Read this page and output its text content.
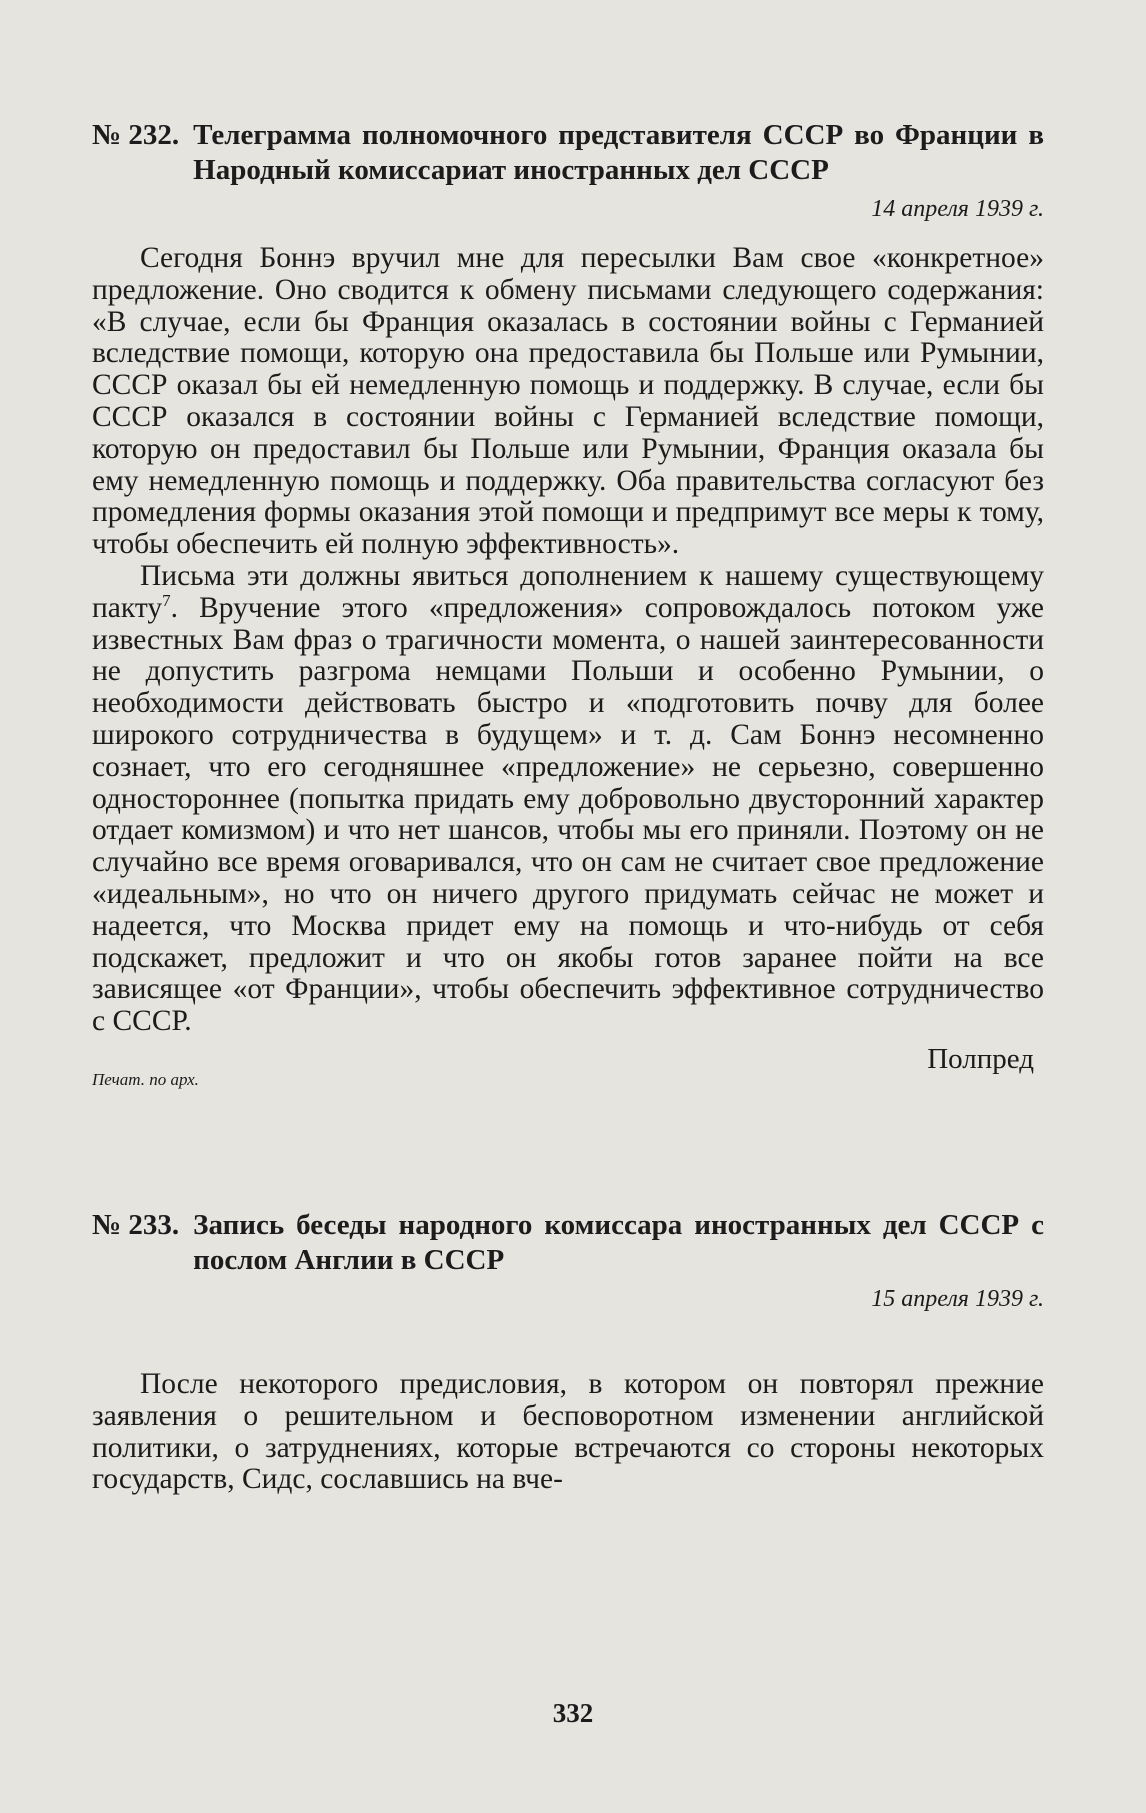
№ 232. Телеграмма полномочного представителя СССР во Франции в Народный комиссариат иностранных дел СССР
14 апреля 1939 г.

Сегодня Боннэ вручил мне для пересылки Вам свое «конкретное» предложение. Оно сводится к обмену письмами следующего содержания: «В случае, если бы Франция оказалась в состоянии войны с Германией вследствие помощи, которую она предоставила бы Польше или Румынии, СССР оказал бы ей немедленную помощь и поддержку. В случае, если бы СССР оказался в состоянии войны с Германией вследствие помощи, которую он предоставил бы Польше или Румынии, Франция оказала бы ему немедленную помощь и поддержку. Оба правительства согласуют без промедления формы оказания этой помощи и предпримут все меры к тому, чтобы обеспечить ей полную эффективность».

Письма эти должны явиться дополнением к нашему существующему пакту$^7$. Вручение этого «предложения» сопровождалось потоком уже известных Вам фраз о трагичности момента, о нашей заинтересованности не допустить разгрома немцами Польши и особенно Румынии, о необходимости действовать быстро и «подготовить почву для более широкого сотрудничества в будущем» и т. д. Сам Боннэ несомненно сознает, что его сегодняшнее «предложение» не серьезно, совершенно одностороннее (попытка придать ему добровольно двусторонний характер отдает комизмом) и что нет шансов, чтобы мы его приняли. Поэтому он не случайно все время оговаривался, что он сам не считает свое предложение «идеальным», но что он ничего другого придумать сейчас не может и надеется, что Москва придет ему на помощь и что-нибудь от себя подскажет, предложит и что он якобы готов заранее пойти на все зависящее «от Франции», чтобы обеспечить эффективное сотрудничество с СССР.

Полпред
Печат. по арх.
№ 233. Запись беседы народного комиссара иностранных дел СССР с послом Англии в СССР
15 апреля 1939 г.

После некоторого предисловия, в котором он повторял прежние заявления о решительном и бесповоротном изменении английской политики, о затруднениях, которые встречаются со стороны некоторых государств, Сидс, сославшись на вче-

332
